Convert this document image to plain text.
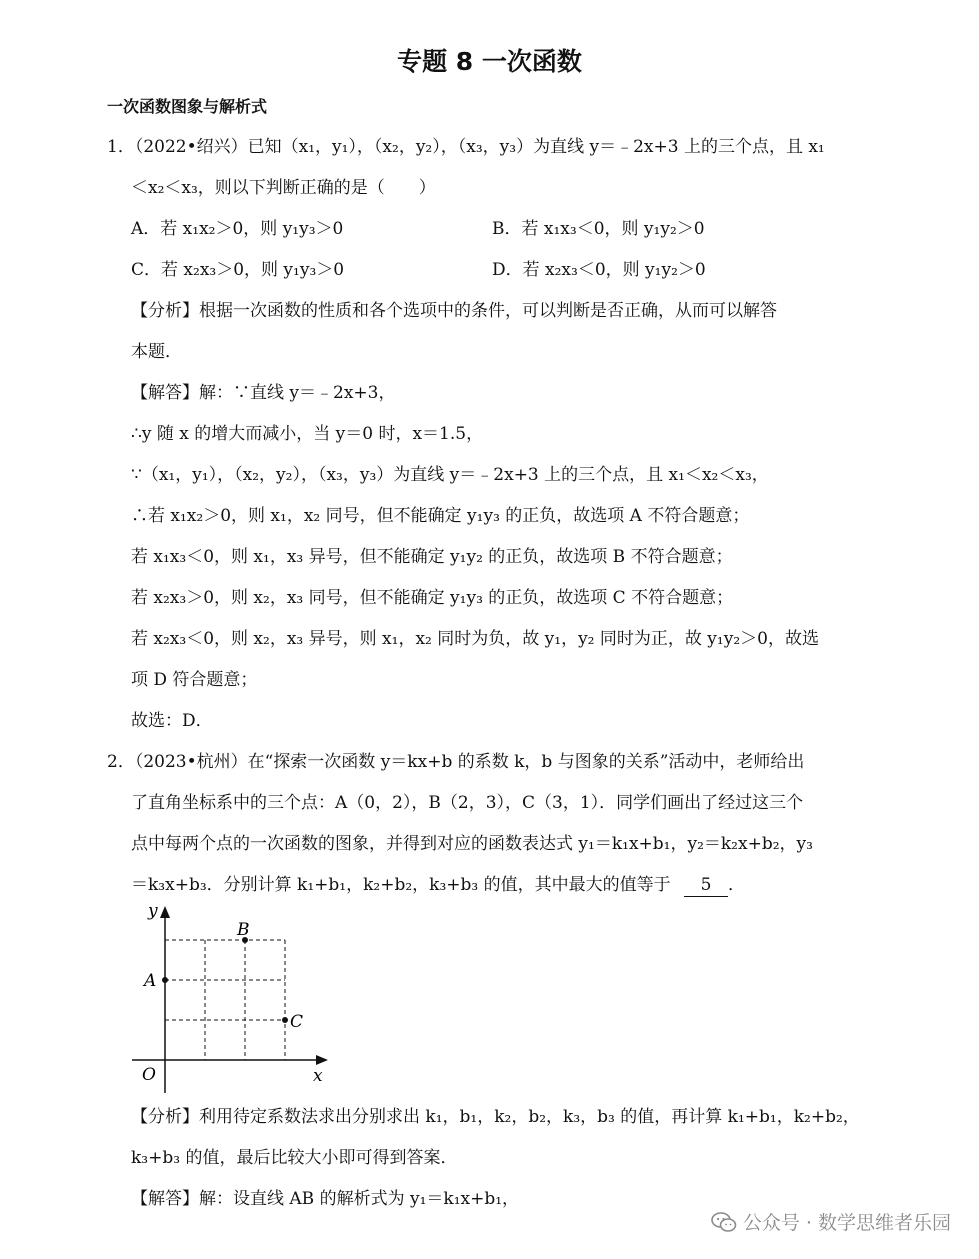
专题 8 一次函数
一次函数图象与解析式
1．（2022•绍兴）已知（x₁，y₁），（x₂，y₂），（x₃，y₃）为直线 y＝﹣2x+3 上的三个点，且 x₁
＜x₂＜x₃，则以下判断正确的是（　　）
A．若 x₁x₂＞0，则 y₁y₃＞0	B．若 x₁x₃＜0，则 y₁y₂＞0
C．若 x₂x₃＞0，则 y₁y₃＞0	D．若 x₂x₃＜0，则 y₁y₂＞0
【分析】根据一次函数的性质和各个选项中的条件，可以判断是否正确，从而可以解答
本题．
【解答】解：∵直线 y＝﹣2x+3，
∴y 随 x 的增大而减小，当 y＝0 时，x＝1.5，
∵（x₁，y₁），（x₂，y₂），（x₃，y₃）为直线 y＝﹣2x+3 上的三个点，且 x₁＜x₂＜x₃，
∴若 x₁x₂＞0，则 x₁，x₂ 同号，但不能确定 y₁y₃ 的正负，故选项 A 不符合题意；
若 x₁x₃＜0，则 x₁，x₃ 异号，但不能确定 y₁y₂ 的正负，故选项 B 不符合题意；
若 x₂x₃＞0，则 x₂，x₃ 同号，但不能确定 y₁y₃ 的正负，故选项 C 不符合题意；
若 x₂x₃＜0，则 x₂，x₃ 异号，则 x₁，x₂ 同时为负，故 y₁，y₂ 同时为正，故 y₁y₂＞0，故选
项 D 符合题意；
故选：D．
2．（2023•杭州）在“探索一次函数 y＝kx+b 的系数 k，b 与图象的关系”活动中，老师给出
了直角坐标系中的三个点：A（0，2），B（2，3），C（3，1）．同学们画出了经过这三个
点中每两个点的一次函数的图象，并得到对应的函数表达式 y₁＝k₁x+b₁，y₂＝k₂x+b₂，y₃
＝k₃x+b₃．分别计算 k₁+b₁，k₂+b₂，k₃+b₃ 的值，其中最大的值等于 5 ．
y
x
O
A
B
C
【分析】利用待定系数法求出分别求出 k₁，b₁，k₂，b₂，k₃，b₃ 的值，再计算 k₁+b₁，k₂+b₂，
k₃+b₃ 的值，最后比较大小即可得到答案．
【解答】解：设直线 AB 的解析式为 y₁＝k₁x+b₁，
公众号 · 数学思维者乐园
